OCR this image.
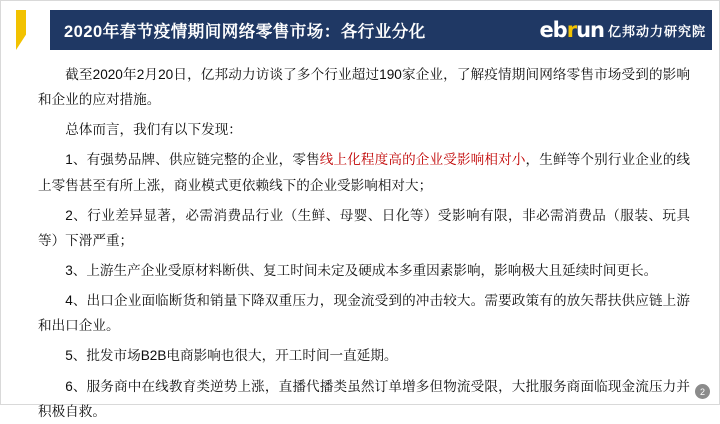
2020年春节疫情期间网络零售市场：各行业分化	ebrun 亿邦动力研究院
截至2020年2月20日，亿邦动力访谈了多个行业超过190家企业，了解疫情期间网络零售市场受到的影响和企业的应对措施。
总体而言，我们有以下发现：
1、有强势品牌、供应链完整的企业，零售线上化程度高的企业受影响相对小，生鲜等个别行业企业的线上零售甚至有所上涨，商业模式更依赖线下的企业受影响相对大；
2、行业差异显著，必需消费品行业（生鲜、母婴、日化等）受影响有限，非必需消费品（服装、玩具等）下滑严重；
3、上游生产企业受原材料断供、复工时间未定及硬成本多重因素影响，影响极大且延续时间更长。
4、出口企业面临断货和销量下降双重压力，现金流受到的冲击较大。需要政策有的放矢帮扶供应链上游和出口企业。
5、批发市场B2B电商影响也很大，开工时间一直延期。
6、服务商中在线教育类逆势上涨，直播代播类虽然订单增多但物流受限，大批服务商面临现金流压力并积极自救。
2
